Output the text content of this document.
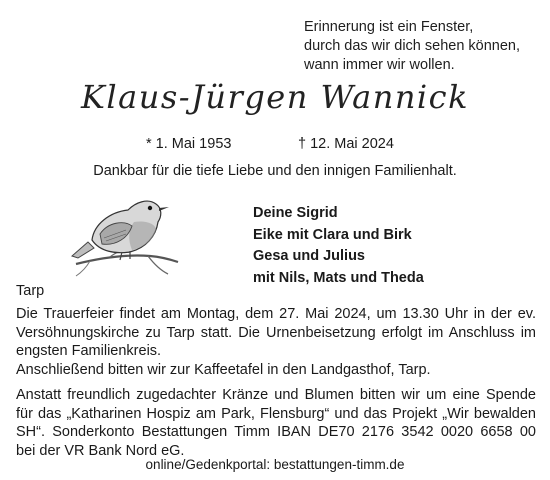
Erinnerung ist ein Fenster,
durch das wir dich sehen können,
wann immer wir wollen.
Klaus-Jürgen Wannick
* 1. Mai 1953	† 12. Mai 2024
Dankbar für die tiefe Liebe und den innigen Familienhalt.
Deine Sigrid
Eike mit Clara und Birk
Gesa und Julius
mit Nils, Mats und Theda
Tarp

Die Trauerfeier findet am Montag, dem 27. Mai 2024, um 13.30 Uhr in der ev.

Versöhnungskirche zu Tarp statt. Die Urnenbeisetzung erfolgt im Anschluss im

engsten Familienkreis.

Anschließend bitten wir zur Kaffeetafel in den Landgasthof, Tarp.

Anstatt freundlich zugedachter Kränze und Blumen bitten wir um eine Spende

für das „Katharinen Hospiz am Park, Flensburg“ und das Projekt „Wir bewalden

SH“. Sonderkonto Bestattungen Timm IBAN DE70 2176 3542 0020 6658 00

bei der VR Bank Nord eG.

online/Gedenkportal: bestattungen-timm.de
